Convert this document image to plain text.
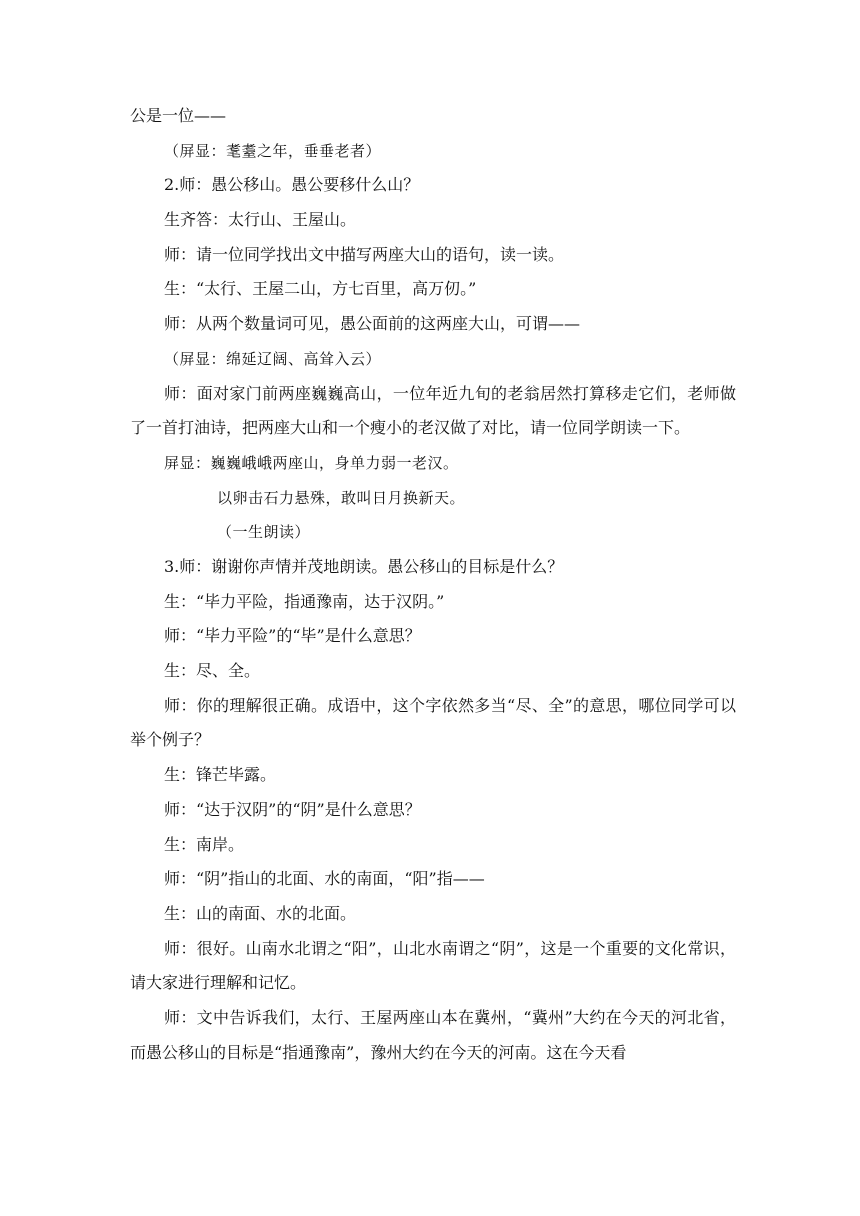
公是一位——
（屏显：耄耋之年，垂垂老者）
2.师：愚公移山。愚公要移什么山？
生齐答：太行山、王屋山。
师：请一位同学找出文中描写两座大山的语句，读一读。
生：“太行、王屋二山，方七百里，高万仞。”
师：从两个数量词可见，愚公面前的这两座大山，可谓——
（屏显：绵延辽阔、高耸入云）
师：面对家门前两座巍巍高山，一位年近九旬的老翁居然打算移走它们，老师做了一首打油诗，把两座大山和一个瘦小的老汉做了对比，请一位同学朗读一下。
屏显：巍巍峨峨两座山，身单力弱一老汉。
以卵击石力悬殊，敢叫日月换新天。
（一生朗读）
3.师：谢谢你声情并茂地朗读。愚公移山的目标是什么？
生：“毕力平险，指通豫南，达于汉阴。”
师：“毕力平险”的“毕”是什么意思？
生：尽、全。
师：你的理解很正确。成语中，这个字依然多当“尽、全”的意思，哪位同学可以举个例子？
生：锋芒毕露。
师：“达于汉阴”的“阴”是什么意思？
生：南岸。
师：“阴”指山的北面、水的南面，“阳”指——
生：山的南面、水的北面。
师：很好。山南水北谓之“阳”，山北水南谓之“阴”，这是一个重要的文化常识，请大家进行理解和记忆。
师：文中告诉我们，太行、王屋两座山本在冀州，“冀州”大约在今天的河北省，而愚公移山的目标是“指通豫南”，豫州大约在今天的河南。这在今天看
